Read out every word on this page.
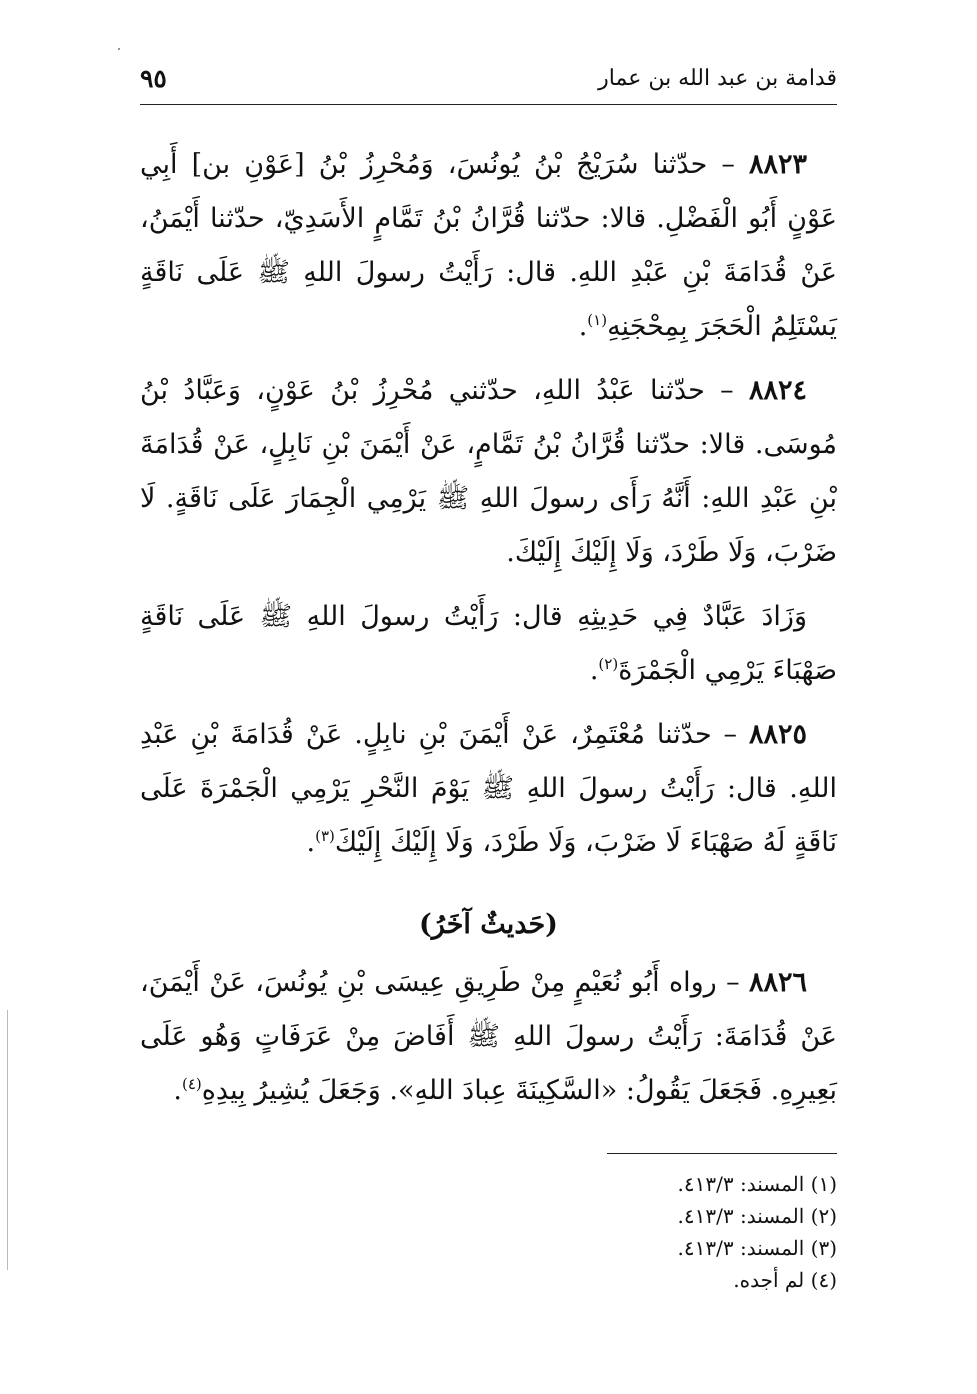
قدامة بن عبد الله بن عمار
٩٥

٨٨٢٣ – حدّثنا سُرَيْجُ بْنُ يُونُسَ، وَمُحْرِزُ بْنُ [عَوْنِ بن] أَبِي عَوْنٍ أَبُو الْفَضْلِ. قالا: حدّثنا قُرَّانُ بْنُ تَمَّامٍ الأَسَدِيّ، حدّثنا أَيْمَنُ، عَنْ قُدَامَةَ بْنِ عَبْدِ اللهِ. قال: رَأَيْتُ رسولَ اللهِ ﷺ عَلَى نَاقَةٍ يَسْتَلِمُ الْحَجَرَ بِمِحْجَنِهِ$^{(١)}$.

٨٨٢٤ – حدّثنا عَبْدُ اللهِ، حدّثني مُحْرِزُ بْنُ عَوْنٍ، وَعَبَّادُ بْنُ مُوسَى. قالا: حدّثنا قُرَّانُ بْنُ تَمَّامٍ، عَنْ أَيْمَنَ بْنِ نَابِلٍ، عَنْ قُدَامَةَ بْنِ عَبْدِ اللهِ: أَنَّهُ رَأَى رسولَ اللهِ ﷺ يَرْمِي الْجِمَارَ عَلَى نَاقَةٍ. لَا ضَرْبَ، وَلَا طَرْدَ، وَلَا إِلَيْكَ إِلَيْكَ.

وَزَادَ عَبَّادٌ فِي حَدِيثِهِ قال: رَأَيْتُ رسولَ اللهِ ﷺ عَلَى نَاقَةٍ صَهْبَاءَ يَرْمِي الْجَمْرَةَ$^{(٢)}$.

٨٨٢٥ – حدّثنا مُعْتَمِرٌ، عَنْ أَيْمَنَ بْنِ نابِلٍ. عَنْ قُدَامَةَ بْنِ عَبْدِ اللهِ. قال: رَأَيْتُ رسولَ اللهِ ﷺ يَوْمَ النَّحْرِ يَرْمِي الْجَمْرَةَ عَلَى نَاقَةٍ لَهُ صَهْبَاءَ لَا ضَرْبَ، وَلَا طَرْدَ، وَلَا إِلَيْكَ إِلَيْكَ$^{(٣)}$.

(حَديثٌ آخَرُ)

٨٨٢٦ – رواه أَبُو نُعَيْمٍ مِنْ طَرِيقِ عِيسَى بْنِ يُونُسَ، عَنْ أَيْمَنَ، عَنْ قُدَامَةَ: رَأَيْتُ رسولَ اللهِ ﷺ أَفَاضَ مِنْ عَرَفَاتٍ وَهُو عَلَى بَعِيرِهِ. فَجَعَلَ يَقُولُ: «السَّكِينَةَ عِبادَ اللهِ». وَجَعَلَ يُشِيرُ بِيدِهِ$^{(٤)}$.

(١) المسند: ٤١٣/٣.

(٢) المسند: ٤١٣/٣.

(٣) المسند: ٤١٣/٣.

(٤) لم أجده.
